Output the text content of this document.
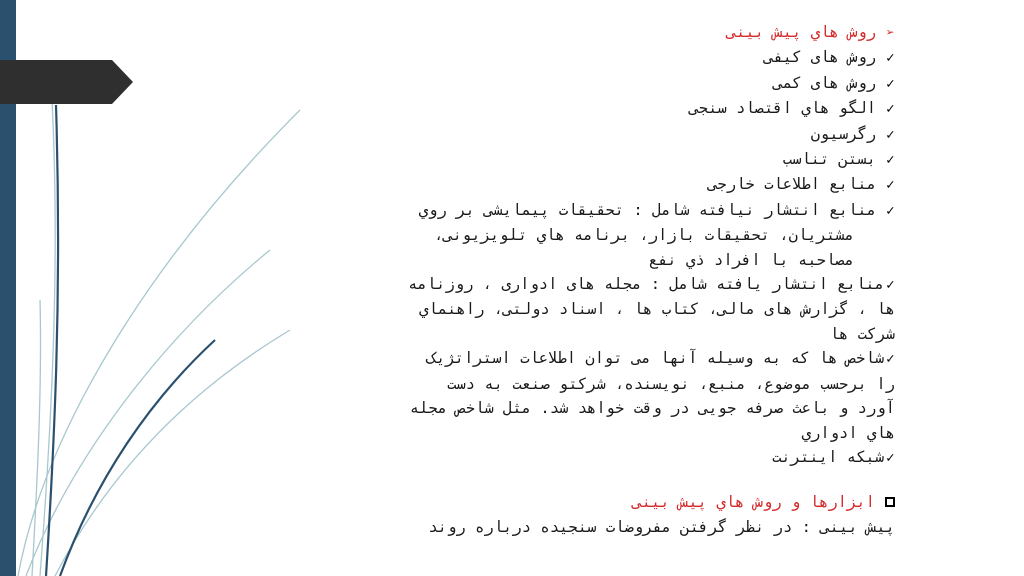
➢روش هاي پيش بينی
✓روش های کيفی
✓روش های کمی
✓الگو هاي اقتصاد سنجی
✓رگرسيون
✓بستن تناسب
✓منابع اطلاعات خارجی
✓منابع انتشار نيافته شامل : تحقيقات پيمايشی بر روي
مشتريان، تحقيقات بازار، برنامه هاي تلويزيونی،
مصاحبه با افراد ذي نفع
✓منابع انتشار يافته شامل : مجله های ادواری ، روزنامه
ها ، گزارش های مالی، کتاب ها ، اسناد دولتی، راهنماي
شرکت ها
✓شاخص ها که به وسيله آنها می توان اطلاعات استراتژيک
را برحسب موضوع، منبع، نويسنده، شرکتو صنعت به دست
آورد و باعث صرفه جويی در وقت خواهد شد. مثل شاخص مجله
هاي ادواري
✓شبکه اينترنت
ابزارها و روش هاي پيش بينی
پيش بينی : در نظر گرفتن مفروضات سنجيده درباره روند
